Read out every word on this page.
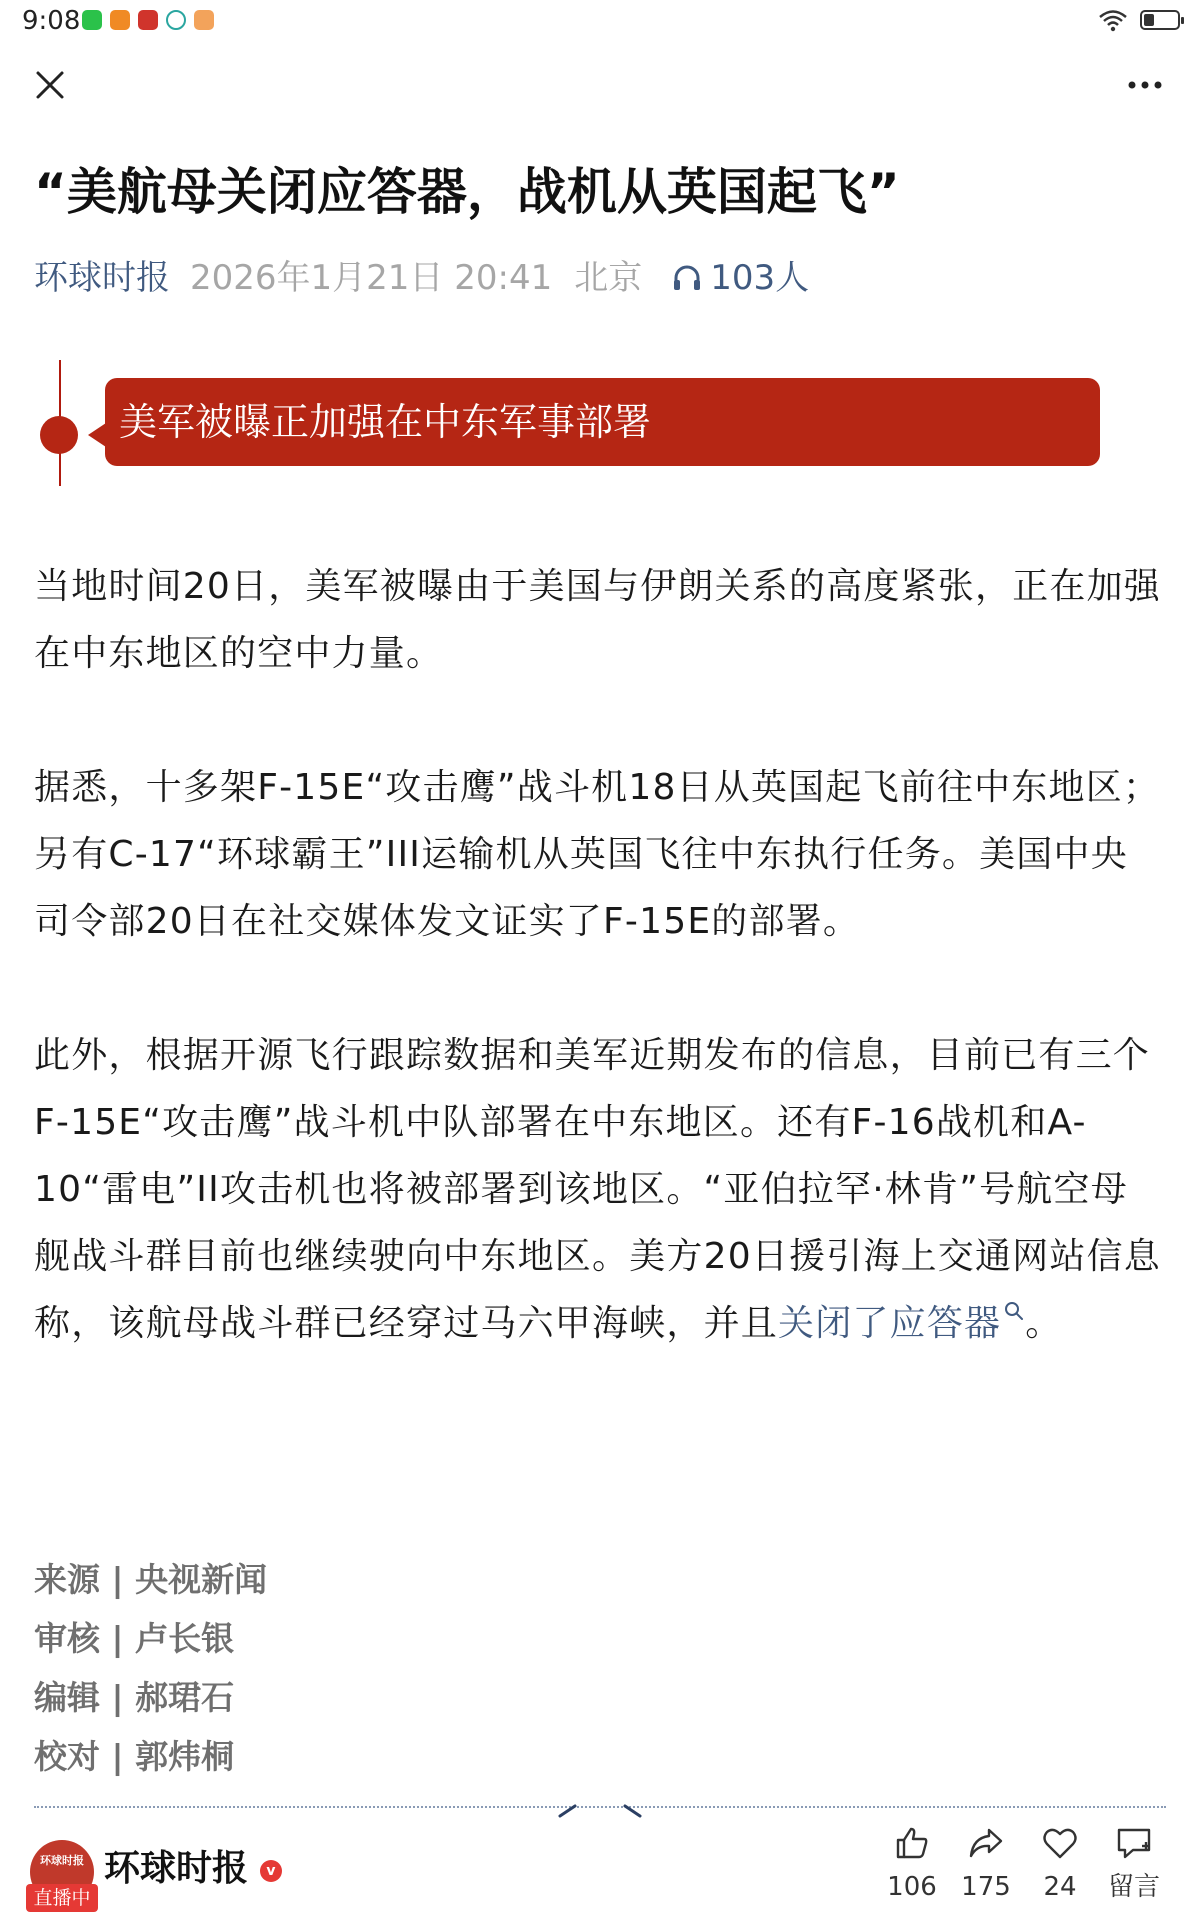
9:08
“美航母关闭应答器，战机从英国起飞”
环球时报 2026年1月21日 20:41 北京 103人
美军被曝正加强在中东军事部署

当地时间20日，美军被曝由于美国与伊朗关系的高度紧张，正在加强在中东地区的空中力量。

据悉，十多架F-15E“攻击鹰”战斗机18日从英国起飞前往中东地区；另有C-17“环球霸王”III运输机从英国飞往中东执行任务。美国中央司令部20日在社交媒体发文证实了F-15E的部署。

此外，根据开源飞行跟踪数据和美军近期发布的信息，目前已有三个F-15E“攻击鹰”战斗机中队部署在中东地区。还有F-16战机和A-10“雷电”II攻击机也将被部署到该地区。“亚伯拉罕·林肯”号航空母舰战斗群目前也继续驶向中东地区。美方20日援引海上交通网站信息称，该航母战斗群已经穿过马六甲海峡，并且关闭了应答器 。

来源 | 央视新闻
审核 | 卢长银
编辑 | 郝珺石
校对 | 郭炜桐
环球时报
直播中
环球时报	v
106 175	24	留言
